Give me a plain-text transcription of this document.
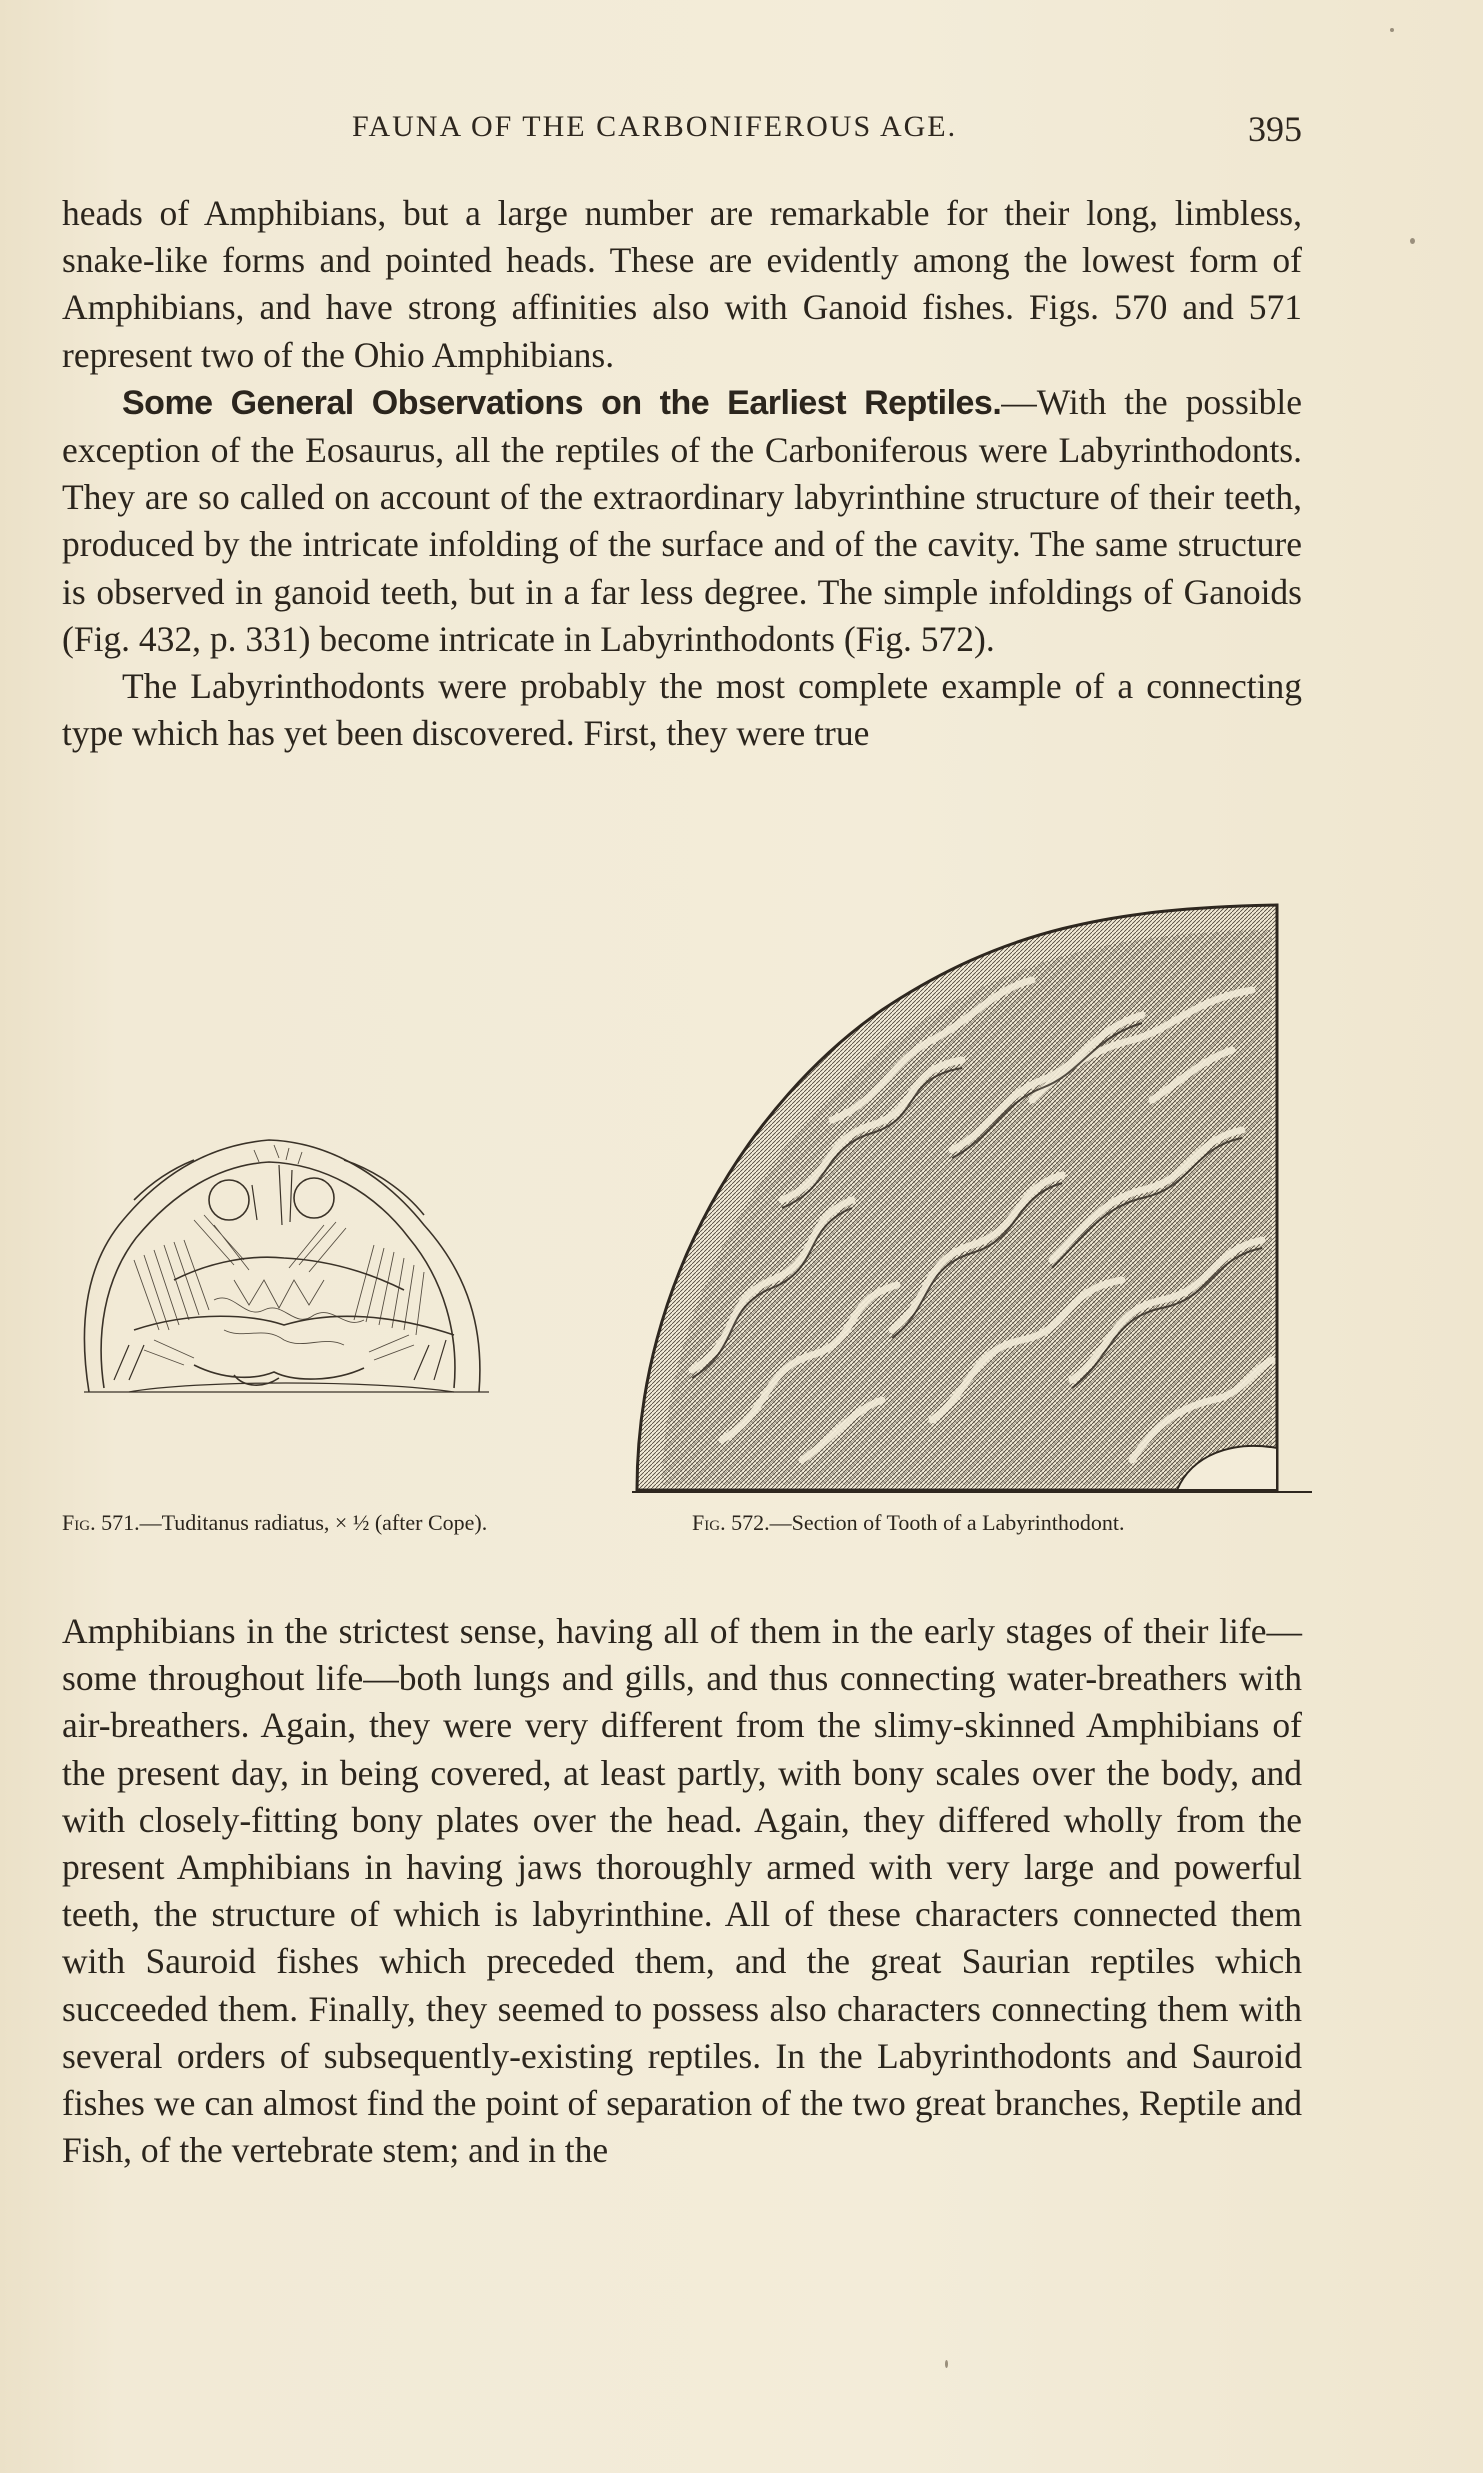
FAUNA OF THE CARBONIFEROUS AGE.	395

heads of Amphibians, but a large number are remarkable for their long, limbless, snake-like forms and pointed heads. These are evidently among the lowest form of Amphibians, and have strong affinities also with Ganoid fishes. Figs. 570 and 571 represent two of the Ohio Amphibians.

Some General Observations on the Earliest Reptiles.—With the possible exception of the Eosaurus, all the reptiles of the Carboniferous were Labyrinthodonts. They are so called on account of the extraordinary labyrinthine structure of their teeth, produced by the intricate infolding of the surface and of the cavity. The same structure is observed in ganoid teeth, but in a far less degree. The simple infoldings of Ganoids (Fig. 432, p. 331) become intricate in Labyrinthodonts (Fig. 572).

The Labyrinthodonts were probably the most complete example of a connecting type which has yet been discovered. First, they were true

Fig. 571.—Tuditanus radiatus, × ½ (after Cope).	Fig. 572.—Section of Tooth of a Labyrinthodont.

Amphibians in the strictest sense, having all of them in the early stages of their life—some throughout life—both lungs and gills, and thus connecting water-breathers with air-breathers. Again, they were very different from the slimy-skinned Amphibians of the present day, in being covered, at least partly, with bony scales over the body, and with closely-fitting bony plates over the head. Again, they differed wholly from the present Amphibians in having jaws thoroughly armed with very large and powerful teeth, the structure of which is labyrinthine. All of these characters connected them with Sauroid fishes which preceded them, and the great Saurian reptiles which succeeded them. Finally, they seemed to possess also characters connecting them with several orders of subsequently-existing reptiles. In the Labyrinthodonts and Sauroid fishes we can almost find the point of separation of the two great branches, Reptile and Fish, of the vertebrate stem; and in the
